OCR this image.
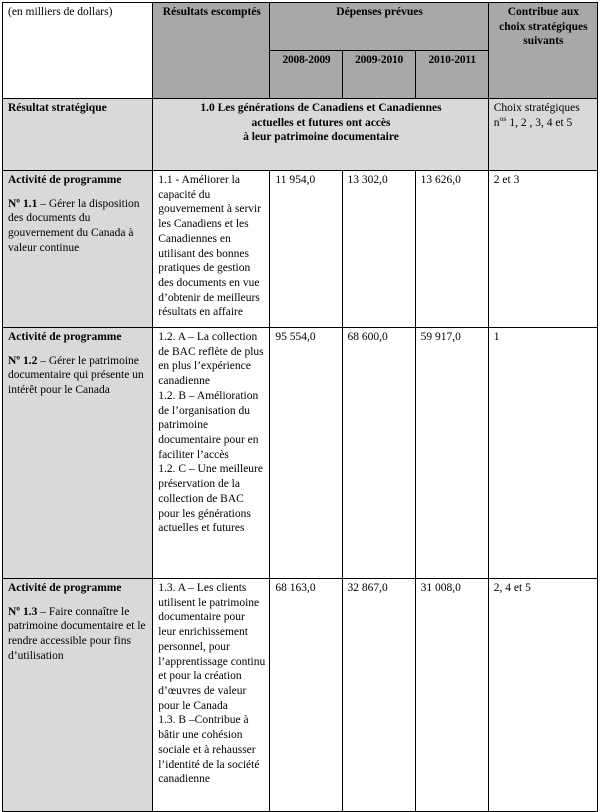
(en milliers de dollars)	Résultats escomptés	Dépenses prévues			Contribue aux choix stratégiques suivants
		2008-2009	2009-2010	2010-2011	
Résultat stratégique	1.0 Les générations de Canadiens et Canadiennes
actuelles et futures ont accès
à leur patrimoine documentaire				Choix stratégiques $n^{os}$ 1, 2 , 3, 4 et 5

Activité de programme
Nº 1.1 – Gérer la disposition des documents du gouvernement du Canada à valeur continue	1.1 - Améliorer la capacité du gouvernement à servir les Canadiens et les Canadiennes en utilisant des bonnes pratiques de gestion des documents en vue d’obtenir de meilleurs résultats en affaire	11 954,0	13 302,0	13 626,0	2 et 3

Activité de programme
Nº 1.2 – Gérer le patrimoine documentaire qui présente un intérêt pour le Canada	1.2. A – La collection de BAC reflète de plus en plus l’expérience canadienne
1.2. B – Amélioration de l’organisation du patrimoine documentaire pour en faciliter l’accès
1.2. C – Une meilleure préservation de la collection de BAC pour les générations actuelles et futures	95 554,0	68 600,0	59 917,0	1

Activité de programme
Nº 1.3 – Faire connaître le patrimoine documentaire et le rendre accessible pour fins d’utilisation	1.3. A – Les clients utilisent le patrimoine documentaire pour leur enrichissement personnel, pour l’apprentissage continu et pour la création d’œuvres de valeur pour le Canada
1.3. B –Contribue à bâtir une cohésion sociale et à rehausser l’identité de la société canadienne	68 163,0	32 867,0	31 008,0	2, 4 et 5
